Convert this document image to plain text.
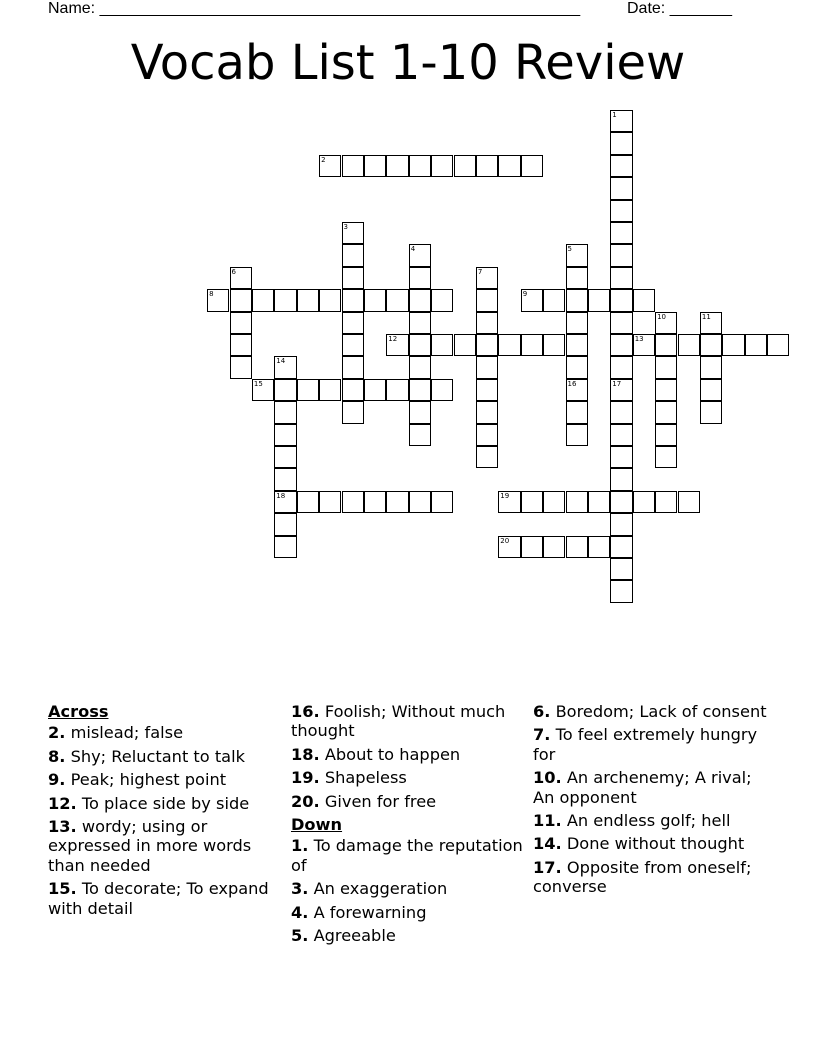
Name: ______________________________________________________	Date: _______
Vocab List 1-10 Review
2
8	9
12	13
15
18	19
20
1
17
3
4	5
16
6	7
10	11
14
Across
2. mislead; false
8. Shy; Reluctant to talk
9. Peak; highest point
12. To place side by side
13. wordy; using or expressed in more words than needed
15. To decorate; To expand with detail
16. Foolish; Without much thought
18. About to happen
19. Shapeless
20. Given for free
Down
1. To damage the reputation of
3. An exaggeration
4. A forewarning
5. Agreeable
6. Boredom; Lack of consent
7. To feel extremely hungry for
10. An archenemy; A rival; An opponent
11. An endless golf; hell
14. Done without thought
17. Opposite from oneself; converse
